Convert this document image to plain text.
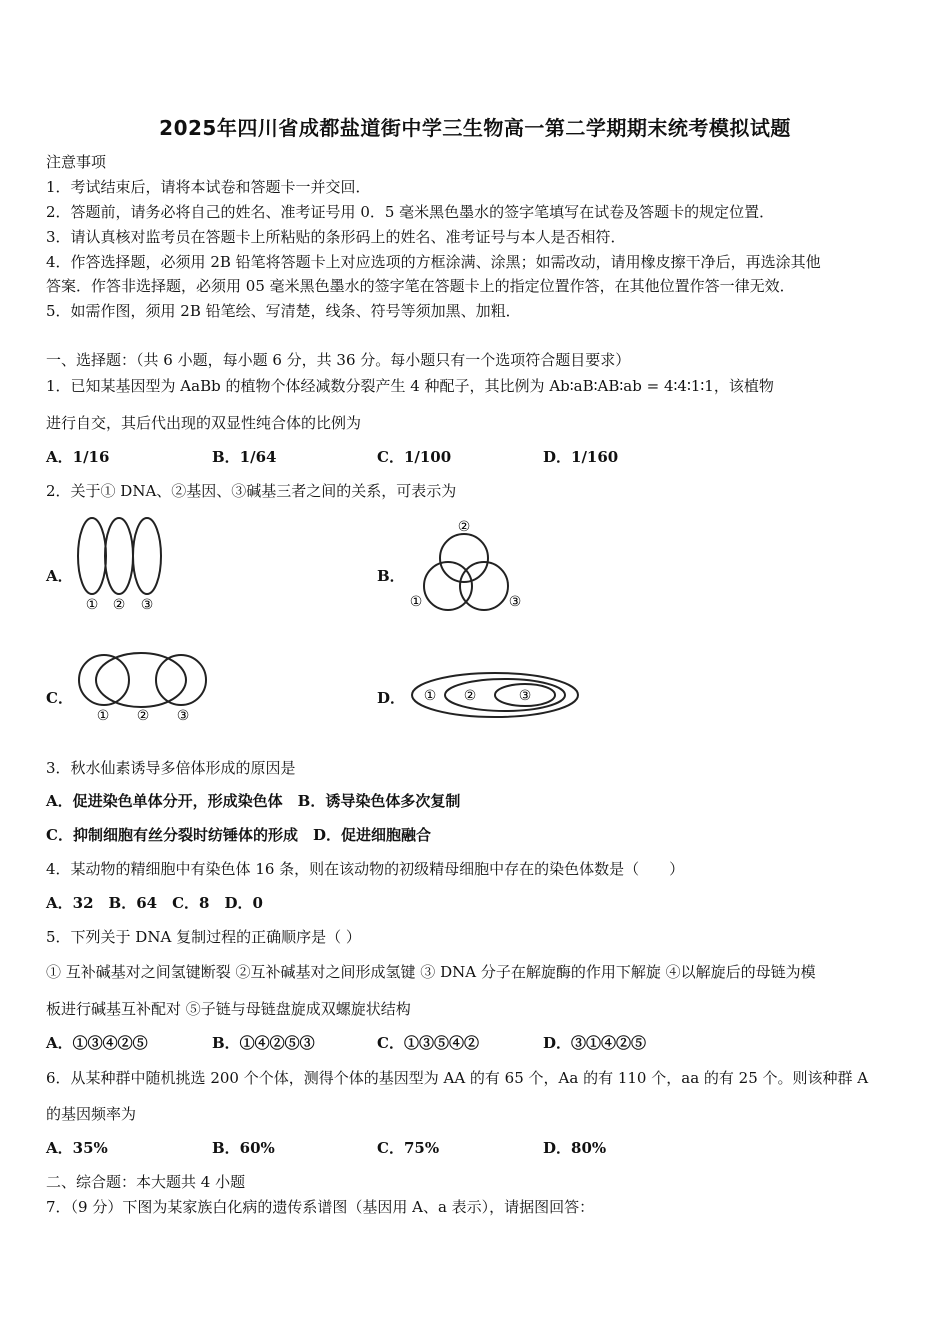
2025年四川省成都盐道街中学三生物高一第二学期期末统考模拟试题
注意事项
1．考试结束后，请将本试卷和答题卡一并交回．
2．答题前，请务必将自己的姓名、准考证号用 0．5 毫米黑色墨水的签字笔填写在试卷及答题卡的规定位置．
3．请认真核对监考员在答题卡上所粘贴的条形码上的姓名、准考证号与本人是否相符．
4．作答选择题，必须用 2B 铅笔将答题卡上对应选项的方框涂满、涂黑；如需改动，请用橡皮擦干净后，再选涂其他
答案．作答非选择题，必须用 05 毫米黑色墨水的签字笔在答题卡上的指定位置作答，在其他位置作答一律无效．
5．如需作图，须用 2B 铅笔绘、写清楚，线条、符号等须加黑、加粗．
一、选择题：（共 6 小题，每小题 6 分，共 36 分。每小题只有一个选项符合题目要求）
1．已知某基因型为 AaBb 的植物个体经减数分裂产生 4 种配子，其比例为 Ab∶aB∶AB∶ab = 4∶4∶1∶1，该植物
进行自交，其后代出现的双显性纯合体的比例为
A．1/16	B．1/64	C．1/100	D．1/160
2．关于① DNA、②基因、③碱基三者之间的关系，可表示为
A．
① ② ③
B．
②
①	③
C．
① ② ③
D． ① ②	③
3．秋水仙素诱导多倍体形成的原因是
A．促进染色单体分开，形成染色体　B．诱导染色体多次复制
C．抑制细胞有丝分裂时纺锤体的形成　D．促进细胞融合
4．某动物的精细胞中有染色体 16 条，则在该动物的初级精母细胞中存在的染色体数是（　　）
A．32　B．64　C．8　D．0
5．下列关于 DNA 复制过程的正确顺序是（ ）
① 互补碱基对之间氢键断裂 ②互补碱基对之间形成氢键 ③ DNA 分子在解旋酶的作用下解旋 ④以解旋后的母链为模
板进行碱基互补配对 ⑤子链与母链盘旋成双螺旋状结构
A．①③④②⑤	B．①④②⑤③	C．①③⑤④②	D．③①④②⑤
6．从某种群中随机挑选 200 个个体，测得个体的基因型为 AA 的有 65 个，Aa 的有 110 个，aa 的有 25 个。则该种群 A
的基因频率为
A．35%	B．60%	C．75%	D．80%
二、综合题：本大题共 4 小题
7．（9 分）下图为某家族白化病的遗传系谱图（基因用 A、a 表示），请据图回答：
